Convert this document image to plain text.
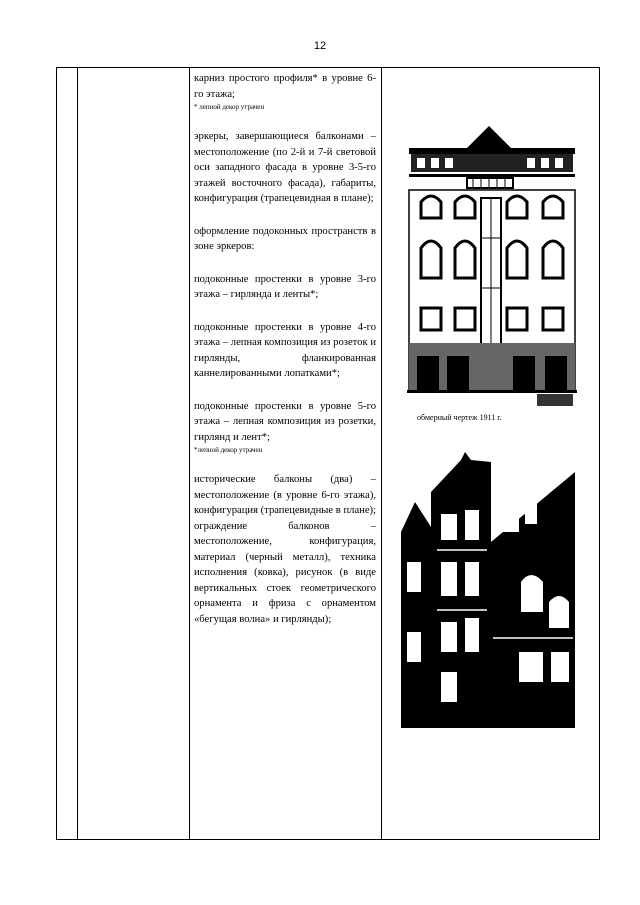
12

карниз простого профиля* в уровне 6-го этажа;

* лепной декор утрачен

эркеры, завершающиеся балконами – местоположение (по 2-й и 7-й световой оси западного фасада в уровне 3-5-го этажей восточного фасада), габариты, конфигурация (трапецевидная в плане);

оформление подоконных пространств в зоне эркеров:

подоконные простенки в уровне 3-го этажа – гирлянда и ленты*;

подоконные простенки в уровне 4-го этажа – лепная композиция из розеток и гирлянды, фланкированная каннелированными лопатками*;

подоконные простенки в уровне 5-го этажа – лепная композиция из розетки, гирлянд и лент*;

*лепной декор утрачен

исторические балконы (два) – местоположение (в уровне 6-го этажа), конфигурация (трапецевидные в плане); ограждение балконов – местоположение, конфигурация, материал (черный металл), техника исполнения (ковка), рисунок (в виде вертикальных стоек геометрического орнамента и фриза с орнаментом «бегущая волна» и гирлянды);

обмерный чертеж 1911 г.
